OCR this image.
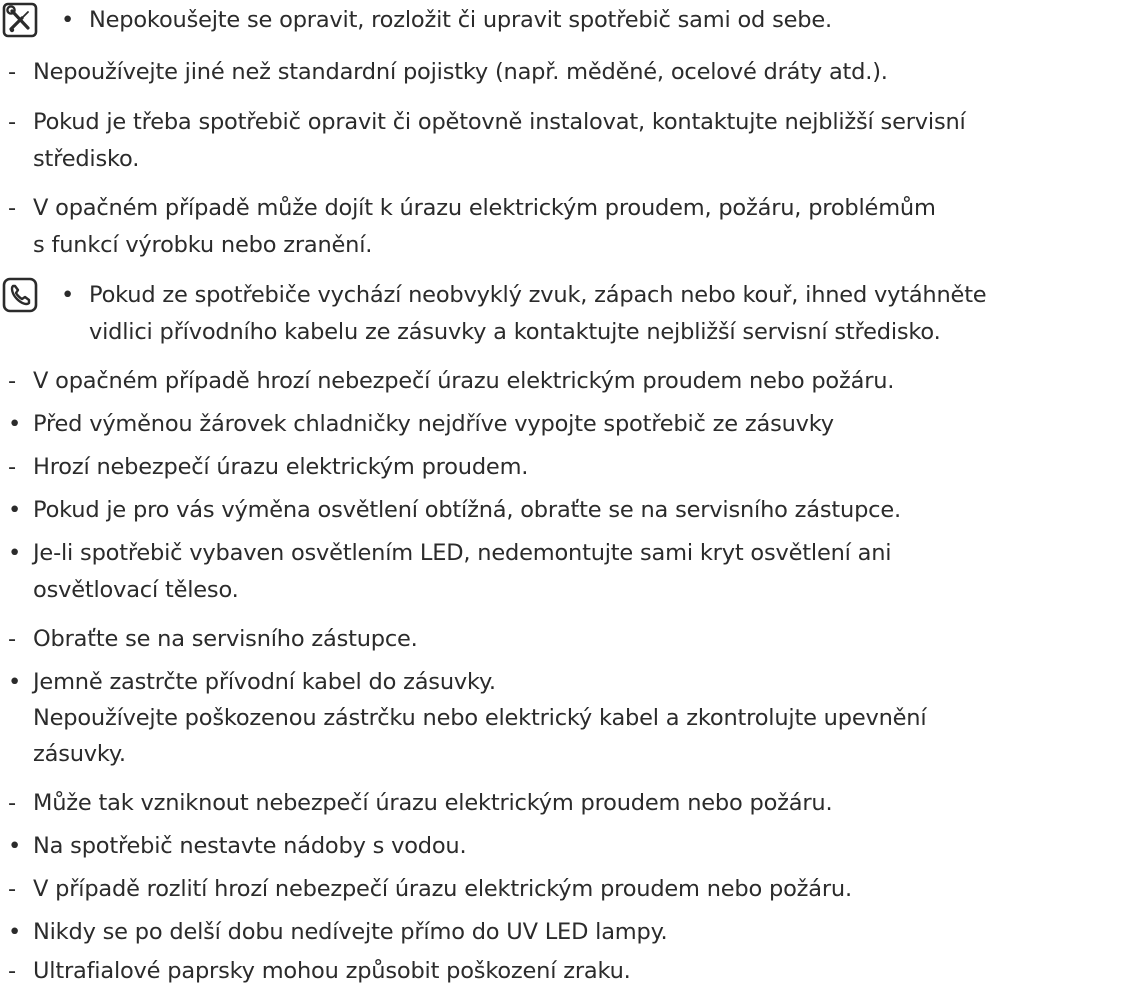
• Nepokoušejte se opravit, rozložit či upravit spotřebič sami od sebe.
- Nepoužívejte jiné než standardní pojistky (např. měděné, ocelové dráty atd.).
- Pokud je třeba spotřebič opravit či opětovně instalovat, kontaktujte nejbližší servisní
středisko.
- V opačném případě může dojít k úrazu elektrickým proudem, požáru, problémům
s funkcí výrobku nebo zranění.
• Pokud ze spotřebiče vychází neobvyklý zvuk, zápach nebo kouř, ihned vytáhněte
vidlici přívodního kabelu ze zásuvky a kontaktujte nejbližší servisní středisko.
- V opačném případě hrozí nebezpečí úrazu elektrickým proudem nebo požáru.
• Před výměnou žárovek chladničky nejdříve vypojte spotřebič ze zásuvky
- Hrozí nebezpečí úrazu elektrickým proudem.
• Pokud je pro vás výměna osvětlení obtížná, obraťte se na servisního zástupce.
• Je-li spotřebič vybaven osvětlením LED, nedemontujte sami kryt osvětlení ani
osvětlovací těleso.
- Obraťte se na servisního zástupce.
• Jemně zastrčte přívodní kabel do zásuvky.
Nepoužívejte poškozenou zástrčku nebo elektrický kabel a zkontrolujte upevnění
zásuvky.
- Může tak vzniknout nebezpečí úrazu elektrickým proudem nebo požáru.
• Na spotřebič nestavte nádoby s vodou.
- V případě rozlití hrozí nebezpečí úrazu elektrickým proudem nebo požáru.
• Nikdy se po delší dobu nedívejte přímo do UV LED lampy.
- Ultrafialové paprsky mohou způsobit poškození zraku.
